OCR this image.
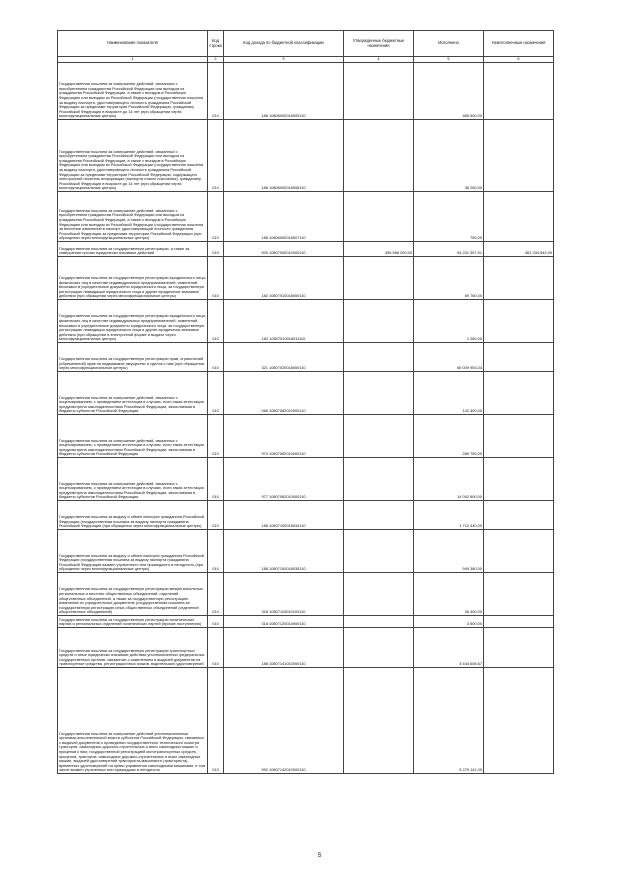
Наименование показателя	Код строки	Код дохода по бюджетной классификации	Утвержденные бюджетные назначения	Исполнено	Неисполненные назначения
1	2	3	4	5	6
Государственная пошлина за совершение действий, связанных с приобретением гражданства Российской Федерации или выходом из гражданства Российской Федерации, а также с въездом в Российскую Федерацию или выездом из Российской Федерации (государственная пошлина за выдачу паспорта, удостоверяющего личность гражданина Российской Федерации за пределами территории Российской Федерации, гражданину Российской Федерации в возрасте до 14 лет (при обращении через многофункциональные центры)	010	188 10806000018005110		465 500,00	
Государственная пошлина за совершение действий, связанных с приобретением гражданства Российской Федерации или выходом из гражданства Российской Федерации, а также с въездом в Российскую Федерацию или выездом из Российской Федерации (государственная пошлина за выдачу паспорта, удостоверяющего личность гражданина Российской Федерации за пределами территории Российской Федерации, содержащего электронный носитель информации (паспорта нового поколения), гражданину Российской Федерации в возрасте до 14 лет (при обращении через многофункциональные центры)	010	188 10806000018006110		38 250,00	
Государственная пошлина за совершение действий, связанных с приобретением гражданства Российской Федерации или выходом из гражданства Российской Федерации, а также с въездом в Российскую Федерацию или выездом из Российской Федерации (государственная пошлина за внесение изменений в паспорт, удостоверяющий личность гражданина Российской Федерации за пределами территории Российской Федерации (при обращении через многофункциональные центры)	010	188 10806000018007110		750,00	
Государственная пошлина за государственную регистрацию, а также за совершение прочих юридически значимых действий	010	000 10807000010000110	455 566 200,00	94 231 357,91	361 334 842,09
Государственная пошлина за государственную регистрацию юридического лица, физических лиц в качестве индивидуальных предпринимателей, изменений, вносимых в учредительные документы юридического лица, за государственную регистрацию ликвидации юридического лица и другие юридически значимые действия (при обращении через многофункциональные центры)	010	182 10807010018000110		69 760,00	
Государственная пошлина за государственную регистрацию юридического лица, физических лиц в качестве индивидуальных предпринимателей, изменений, вносимых в учредительные документы юридического лица, за государственную регистрацию ликвидации юридического лица и другие юридически значимые действия (при обращении в электронной форме и выдаче через многофункциональные центры)	010	182 10807010018011110		1 280,00	
Государственная пошлина за государственную регистрацию прав, ограничений (обременений) прав на недвижимое имущество и сделок с ним (при обращении через многофункциональные центры)	010	321 10807020018000110		65 009 953,04	
Государственная пошлина за совершение действий, связанных с лицензированием, с проведением аттестации в случаях, если такая аттестация предусмотрена законодательством Российской Федерации, зачисляемая в бюджеты субъектов Российской Федерации	010	066 10807082010000110		142 400,00	
Государственная пошлина за совершение действий, связанных с лицензированием, с проведением аттестации в случаях, если такая аттестация предусмотрена законодательством Российской Федерации, зачисляемая в бюджеты субъектов Российской Федерации	010	974 10807082010000110		285 750,00	
Государственная пошлина за совершение действий, связанных с лицензированием, с проведением аттестации в случаях, если такая аттестация предусмотрена законодательством Российской Федерации, зачисляемая в бюджеты субъектов Российской Федерации	010	977 10807082010000110		14 092 600,00	
Государственная пошлина за выдачу и обмен паспорта гражданина Российской Федерации (государственная пошлина за выдачу паспорта гражданина Российской Федерации (при обращении через многофункциональные центры)	010	188 10807100018034110		1 712 440,00	
Государственная пошлина за выдачу и обмен паспорта гражданина Российской Федерации (государственная пошлина за выдачу паспорта гражданина Российской Федерации взамен утраченного или пришедшего в негодность (при обращении через многофункциональные центры)	010	188 10807100018035110		949 380,00	
Государственная пошлина за государственную регистрацию межрегиональных, региональных и местных общественных объединений, отделений общественных объединений, а также за государственную регистрацию изменений их учредительных документов (государственная пошлина за государственную регистрацию иных общественных объединений (отделений общественных объединений)	010	318 10807110010103110		26 400,00	
Государственная пошлина за государственную регистрацию политических партий и региональных отделений политических партий (прочие поступления)	010	318 10807120014000110		3 500,00	
Государственная пошлина за государственную регистрацию транспортных средств и иные юридически значимые действия уполномоченных федеральных государственных органов, связанные с изменением и выдачей документов на транспортные средства, регистрационных знаков, водительских удостоверений	010	188 10807141010000110		4 634 608,67	
Государственная пошлина за совершение действий уполномоченными органами исполнительной власти субъектов Российской Федерации, связанных с выдачей документов о проведении государственного технического осмотра тракторов, самоходных дорожно-строительных и иных самоходных машин и прицепов к ним, государственной регистрацией мототранспортных средств, прицепов, тракторов, самоходных дорожно-строительных и иных самоходных машин, выдачей удостоверений тракториста-машиниста (тракториста), временных удостоверений на право управления самоходными машинами, в том числе взамен утраченных или пришедших в негодность	010	992 10807142010000110		5 279 141,00	
5
